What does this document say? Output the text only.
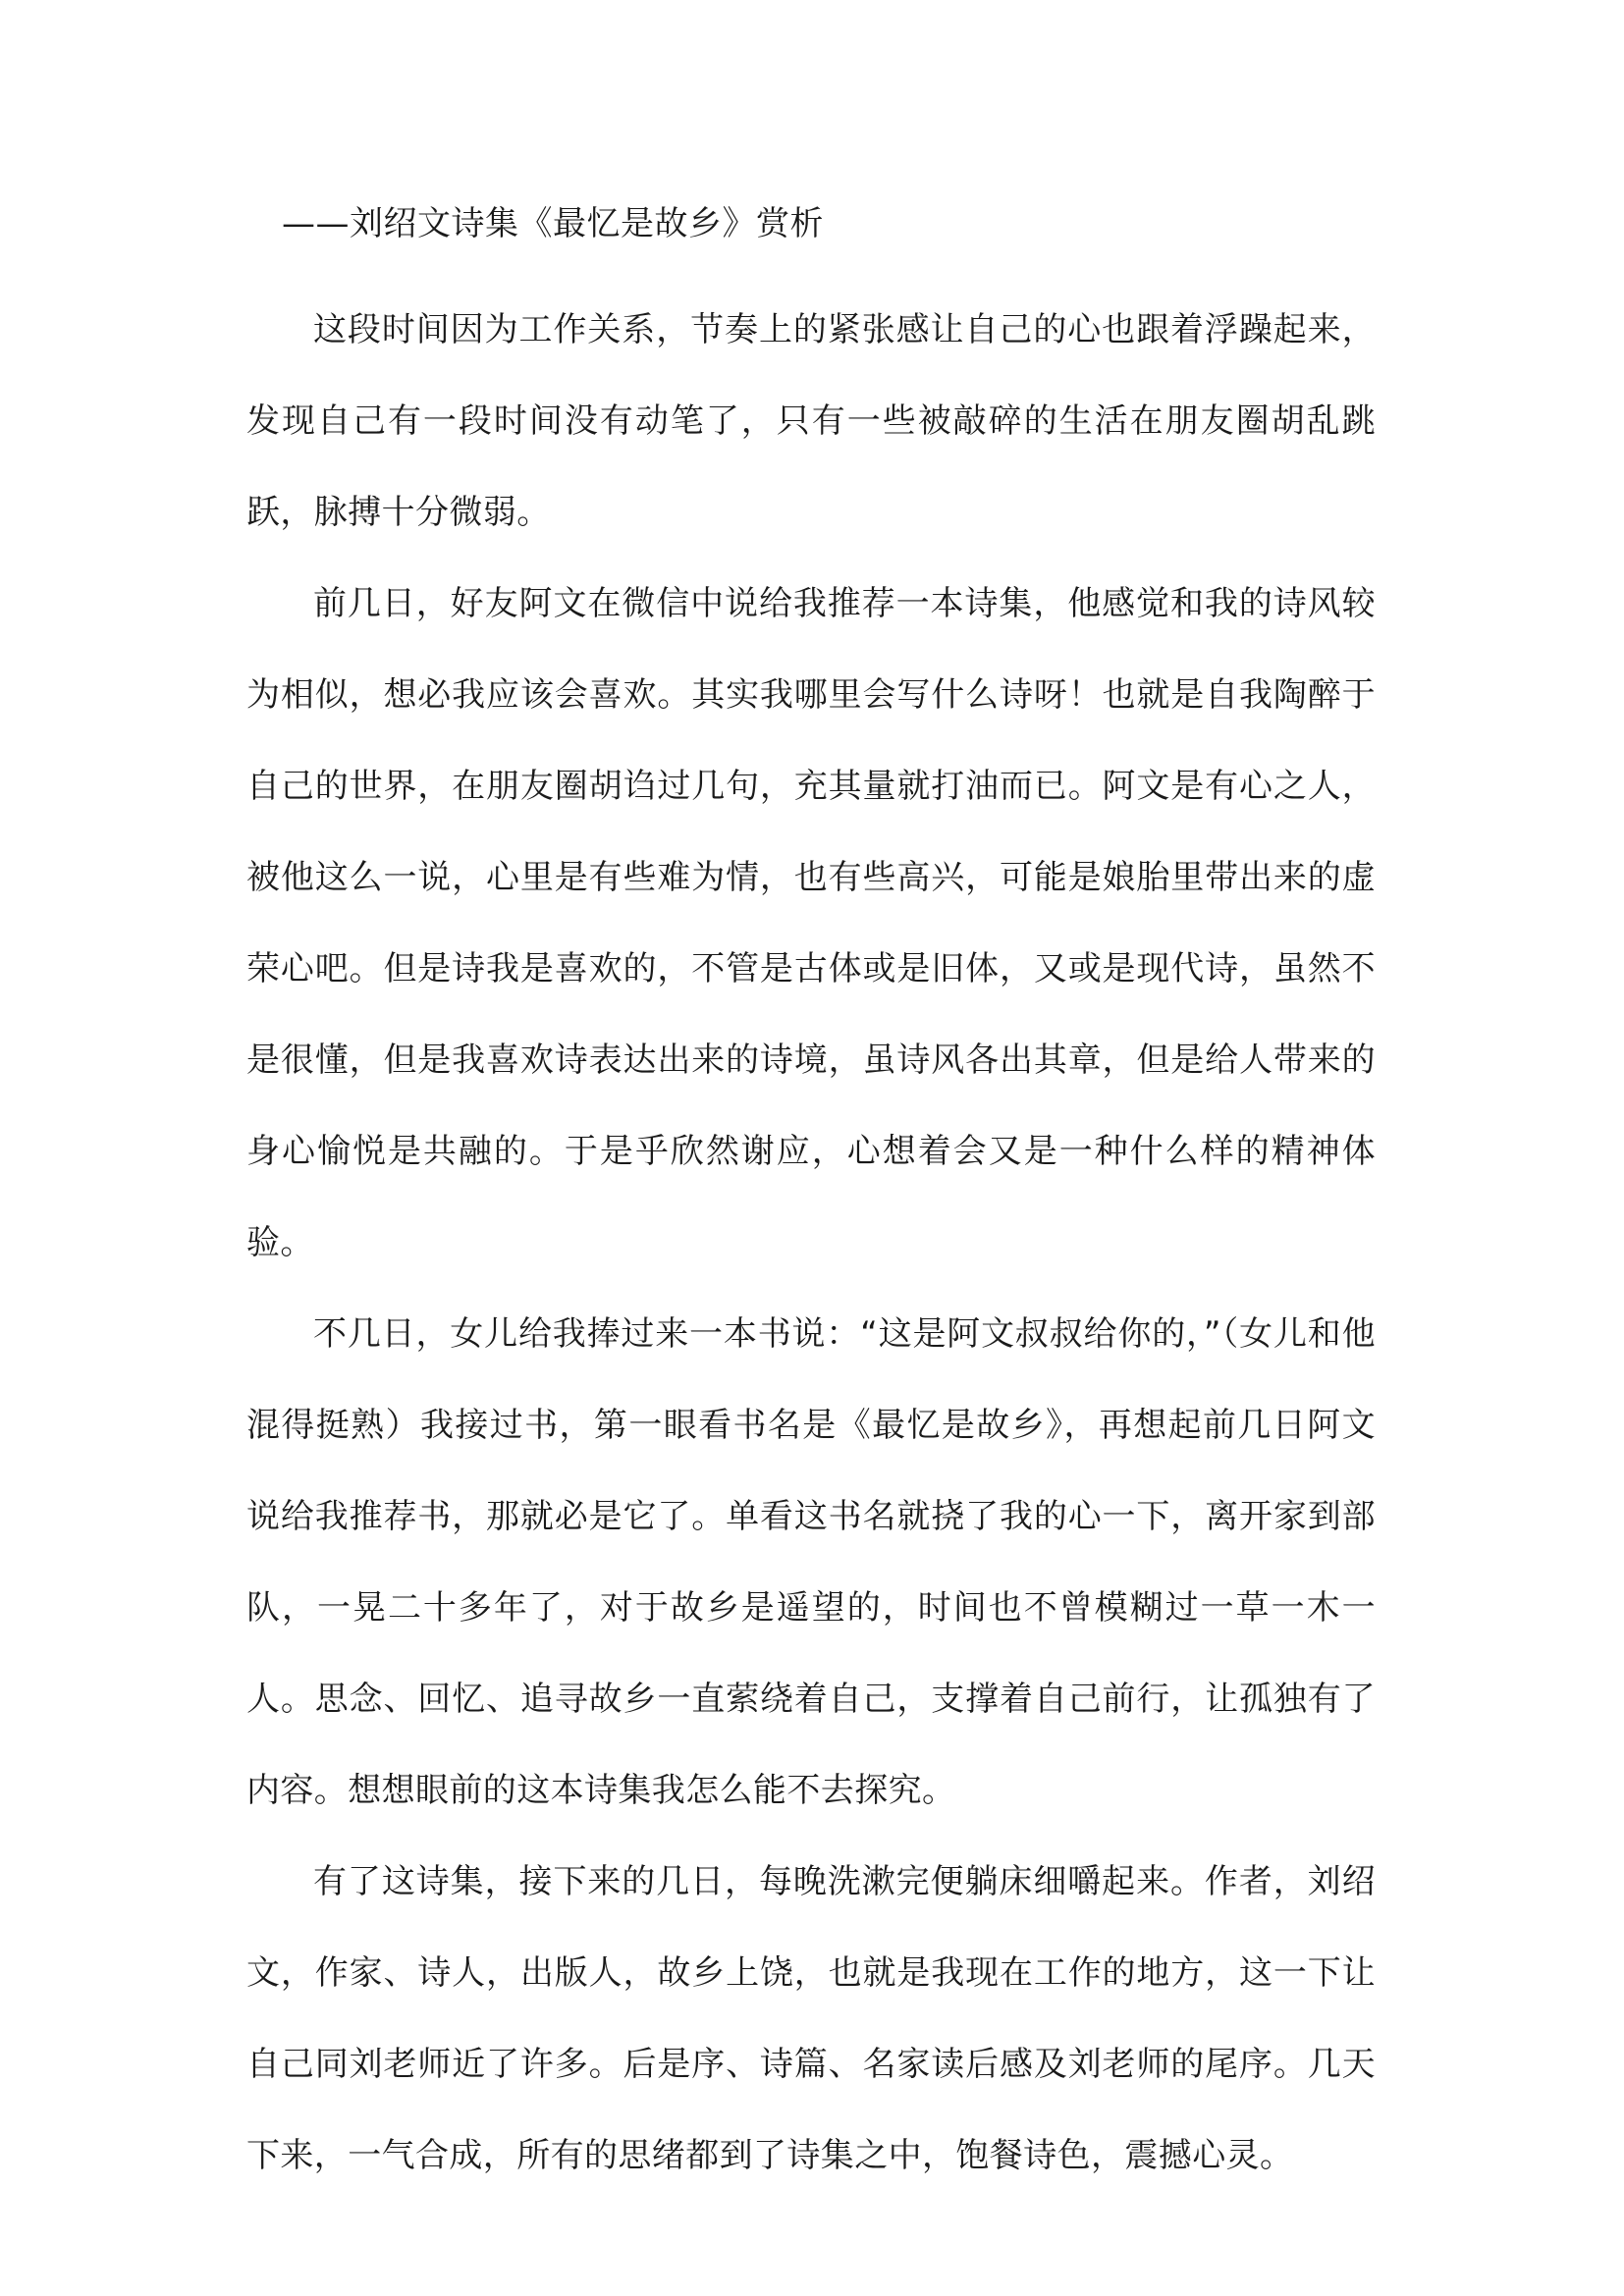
——刘绍文诗集《最忆是故乡》赏析

这段时间因为工作关系，节奏上的紧张感让自己的心也跟着浮躁起来，发现自己有一段时间没有动笔了，只有一些被敲碎的生活在朋友圈胡乱跳跃，脉搏十分微弱。

前几日，好友阿文在微信中说给我推荐一本诗集，他感觉和我的诗风较为相似，想必我应该会喜欢。其实我哪里会写什么诗呀！也就是自我陶醉于自己的世界，在朋友圈胡诌过几句，充其量就打油而已。阿文是有心之人，被他这么一说，心里是有些难为情，也有些高兴，可能是娘胎里带出来的虚荣心吧。但是诗我是喜欢的，不管是古体或是旧体，又或是现代诗，虽然不是很懂，但是我喜欢诗表达出来的诗境，虽诗风各出其章，但是给人带来的身心愉悦是共融的。于是乎欣然谢应，心想着会又是一种什么样的精神体验。

不几日，女儿给我捧过来一本书说：“这是阿文叔叔给你的，”（女儿和他混得挺熟）我接过书，第一眼看书名是《最忆是故乡》，再想起前几日阿文说给我推荐书，那就必是它了。单看这书名就挠了我的心一下，离开家到部队，一晃二十多年了，对于故乡是遥望的，时间也不曾模糊过一草一木一人。思念、回忆、追寻故乡一直萦绕着自己，支撑着自己前行，让孤独有了内容。想想眼前的这本诗集我怎么能不去探究。

有了这诗集，接下来的几日，每晚洗漱完便躺床细嚼起来。作者，刘绍文，作家、诗人，出版人，故乡上饶，也就是我现在工作的地方，这一下让自己同刘老师近了许多。后是序、诗篇、名家读后感及刘老师的尾序。几天下来，一气合成，所有的思绪都到了诗集之中，饱餐诗色，震撼心灵。
